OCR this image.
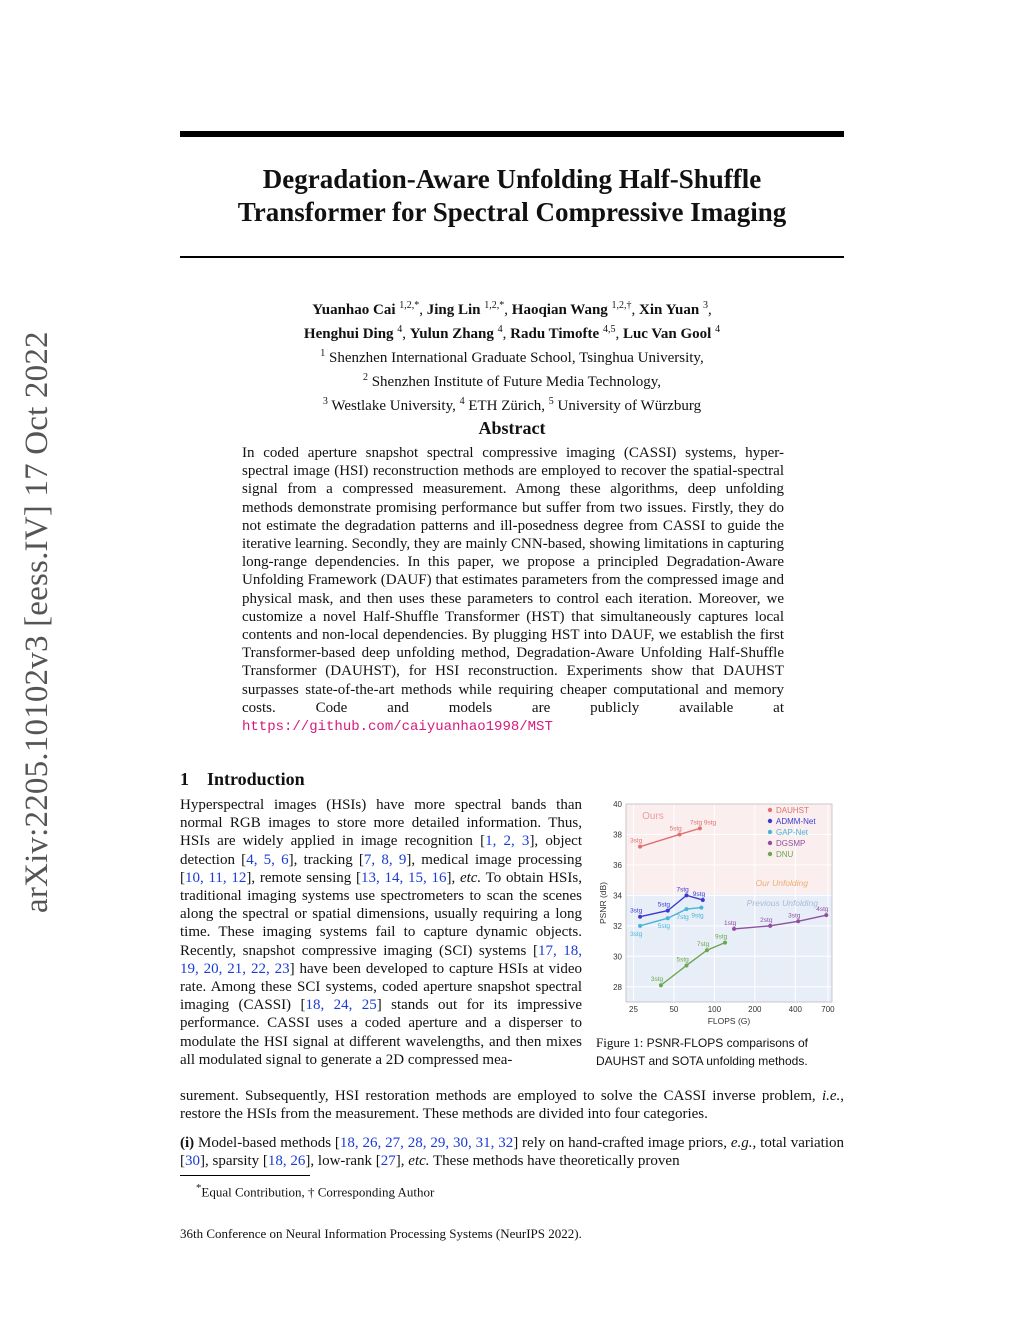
arXiv:2205.10102v3 [eess.IV] 17 Oct 2022
Degradation-Aware Unfolding Half-Shuffle
Transformer for Spectral Compressive Imaging
Yuanhao Cai $^{1,2,*}$, Jing Lin $^{1,2,*}$, Haoqian Wang $^{1,2,\dagger}$, Xin Yuan $^3$,
Henghui Ding $^4$, Yulun Zhang $^4$, Radu Timofte $^{4,5}$, Luc Van Gool $^4$
$^1$ Shenzhen International Graduate School, Tsinghua University,
$^2$ Shenzhen Institute of Future Media Technology,
$^3$ Westlake University, $^4$ ETH Zürich, $^5$ University of Würzburg
Abstract
In coded aperture snapshot spectral compressive imaging (CASSI) systems, hyper-spectral image (HSI) reconstruction methods are employed to recover the spatial-spectral signal from a compressed measurement. Among these algorithms, deep unfolding methods demonstrate promising performance but suffer from two issues. Firstly, they do not estimate the degradation patterns and ill-posedness degree from CASSI to guide the iterative learning. Secondly, they are mainly CNN-based, showing limitations in capturing long-range dependencies. In this paper, we propose a principled Degradation-Aware Unfolding Framework (DAUF) that estimates parameters from the compressed image and physical mask, and then uses these parameters to control each iteration. Moreover, we customize a novel Half-Shuffle Transformer (HST) that simultaneously captures local contents and non-local dependencies. By plugging HST into DAUF, we establish the first Transformer-based deep unfolding method, Degradation-Aware Unfolding Half-Shuffle Transformer (DAUHST), for HSI reconstruction. Experiments show that DAUHST surpasses state-of-the-art methods while requiring cheaper computational and memory costs. Code and models are publicly available at https://github.com/caiyuanhao1998/MST
1 Introduction
Hyperspectral images (HSIs) have more spectral bands than normal RGB images to store more detailed information. Thus, HSIs are widely applied in image recognition [1, 2, 3], object detection [4, 5, 6], tracking [7, 8, 9], medical image processing [10, 11, 12], remote sensing [13, 14, 15, 16], etc. To obtain HSIs, traditional imaging systems use spectrometers to scan the scenes along the spectral or spatial dimensions, usually requiring a long time. These imaging systems fail to capture dynamic objects. Recently, snapshot compressive imaging (SCI) systems [17, 18, 19, 20, 21, 22, 23] have been developed to capture HSIs at video rate. Among these SCI systems, coded aperture snapshot spectral imaging (CASSI) [18, 24, 25] stands out for its impressive performance. CASSI uses a coded aperture and a disperser to modulate the HSI signal at different wavelengths, and then mixes all modulated signal to generate a 2D compressed mea-
surement. Subsequently, HSI restoration methods are employed to solve the CASSI inverse problem, i.e., restore the HSIs from the measurement. These methods are divided into four categories.
(i) Model-based methods [18, 26, 27, 28, 29, 30, 31, 32] rely on hand-crafted image priors, e.g., total variation [30], sparsity [18, 26], low-rank [27], etc. These methods have theoretically proven
28
30
32
34
36
38
40
25	50	100	200	400 700
FLOPS (G)
PSNR (dB)
Ours
Our Unfolding
Previous Unfolding
3stg
5stg
7stg 9stg
DAUHST
3stg
5stg
7stg
9stg
ADMM-Net
3stg
5stg
7stg 9stg
GAP-Net
1stg	2stg
3stg
4stg
DGSMP
3stg
5stg
7stg
9stg
DNU
Figure 1: PSNR-FLOPS comparisons of DAUHST and SOTA unfolding methods.
*Equal Contribution, † Corresponding Author
36th Conference on Neural Information Processing Systems (NeurIPS 2022).
